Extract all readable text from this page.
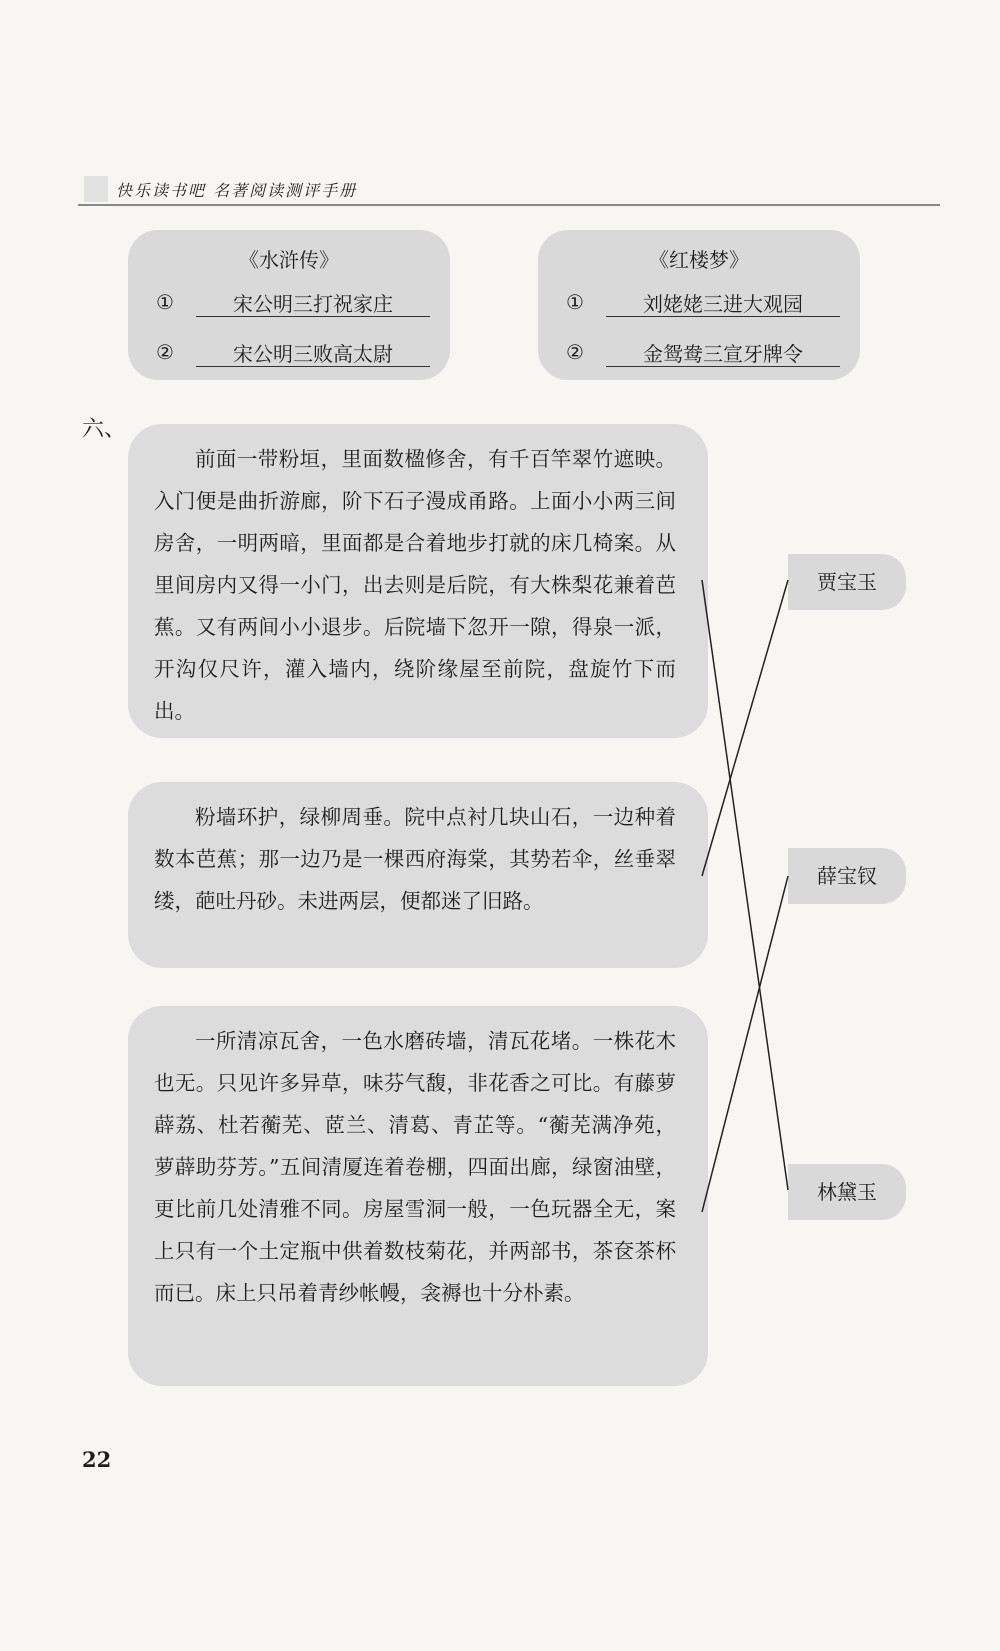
快乐读书吧 名著阅读测评手册
《水浒传》
①	宋公明三打祝家庄
②	宋公明三败高太尉
《红楼梦》
①	刘姥姥三进大观园
②	金鸳鸯三宣牙牌令
六、

前面一带粉垣，里面数楹修舍，有千百竿翠竹遮映。入门便是曲折游廊，阶下石子漫成甬路。上面小小两三间房舍，一明两暗，里面都是合着地步打就的床几椅案。从里间房内又得一小门，出去则是后院，有大株梨花兼着芭蕉。又有两间小小退步。后院墙下忽开一隙，得泉一派，开沟仅尺许，灌入墙内，绕阶缘屋至前院，盘旋竹下而出。

粉墙环护，绿柳周垂。院中点衬几块山石，一边种着数本芭蕉；那一边乃是一棵西府海棠，其势若伞，丝垂翠缕，葩吐丹砂。未进两层，便都迷了旧路。

一所清凉瓦舍，一色水磨砖墙，清瓦花堵。一株花木也无。只见许多异草，味芬气馥，非花香之可比。有藤萝薜荔、杜若蘅芜、茝兰、清葛、青芷等。“蘅芜满净苑，萝薜助芬芳。”五间清厦连着卷棚，四面出廊，绿窗油壁，更比前几处清雅不同。房屋雪洞一般，一色玩器全无，案上只有一个土定瓶中供着数枝菊花，并两部书，茶奁茶杯而已。床上只吊着青纱帐幔，衾褥也十分朴素。

贾宝玉
薛宝钗
林黛玉
22
